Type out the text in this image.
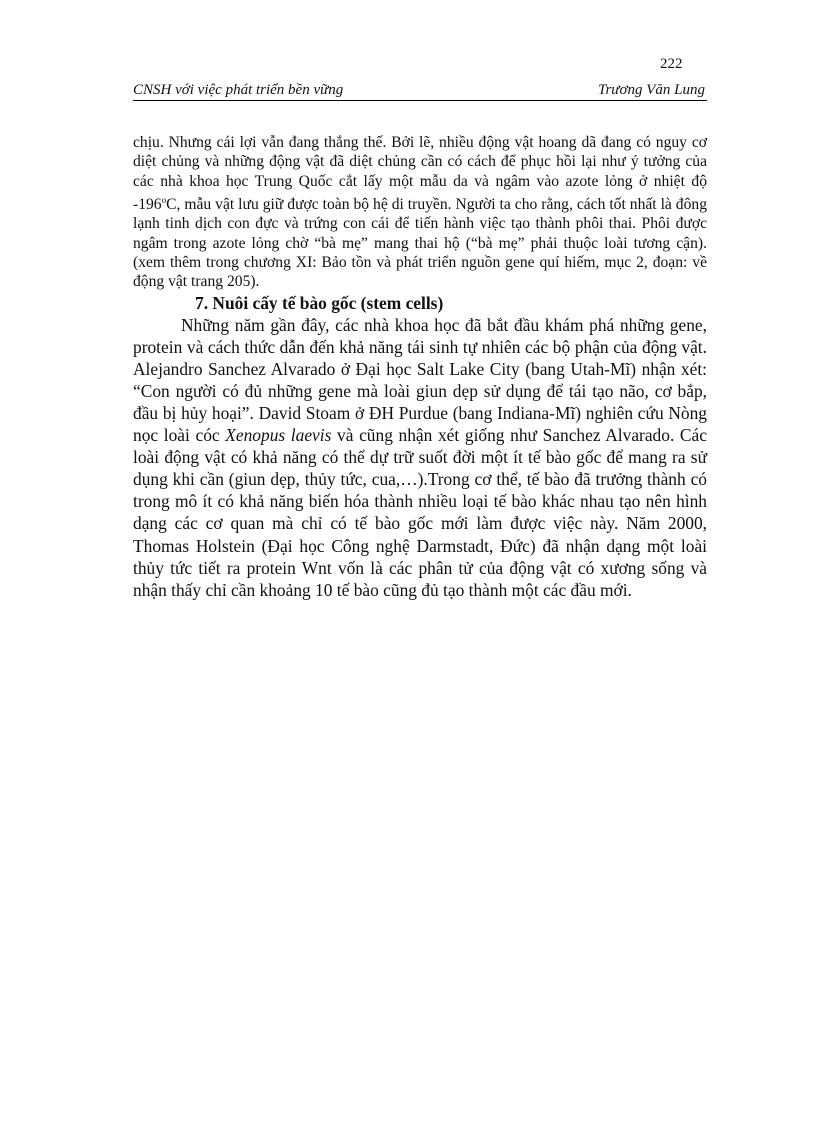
222
CNSH với việc phát triển bền vững	Trương Văn Lung

chịu. Nhưng cái lợi vẫn đang thắng thế. Bởi lẽ, nhiều động vật hoang dã đang có nguy cơ diệt chủng và những động vật đã diệt chủng cần có cách để phục hồi lại như ý tưởng của các nhà khoa học Trung Quốc cắt lấy một mẫu da và ngâm vào azote lỏng ở nhiệt độ -196$^o$C, mẫu vật lưu giữ được toàn bộ hệ di truyền. Người ta cho rằng, cách tốt nhất là đông lạnh tinh dịch con đực và trứng con cái để tiến hành việc tạo thành phôi thai. Phôi được ngâm trong azote lỏng chờ “bà mẹ” mang thai hộ (“bà mẹ” phải thuộc loài tương cận). (xem thêm trong chương XI: Bảo tồn và phát triển nguồn gene quí hiếm, mục 2, đoạn: về động vật trang 205).

7. Nuôi cấy tế bào gốc (stem cells)

Những năm gần đây, các nhà khoa học đã bắt đầu khám phá những gene, protein và cách thức dẫn đến khả năng tái sinh tự nhiên các bộ phận của động vật. Alejandro Sanchez Alvarado ở Đại học Salt Lake City (bang Utah-Mĩ) nhận xét: “Con người có đủ những gene mà loài giun dẹp sử dụng để tái tạo não, cơ bắp, đầu bị hủy hoại”. David Stoam ở ĐH Purdue (bang Indiana-Mĩ) nghiên cứu Nòng nọc loài cóc Xenopus laevis và cũng nhận xét giống như Sanchez Alvarado. Các loài động vật có khả năng có thể dự trữ suốt đời một ít tế bào gốc để mang ra sử dụng khi cần (giun dẹp, thủy tức, cua,…).Trong cơ thể, tế bào đã trưởng thành có trong mô ít có khả năng biến hóa thành nhiều loại tế bào khác nhau tạo nên hình dạng các cơ quan mà chỉ có tế bào gốc mới làm được việc này. Năm 2000, Thomas Holstein (Đại học Công nghệ Darmstadt, Đức) đã nhận dạng một loài thủy tức tiết ra protein Wnt vốn là các phân tử của động vật có xương sống và nhận thấy chỉ cần khoảng 10 tế bào cũng đủ tạo thành một các đầu mới.
